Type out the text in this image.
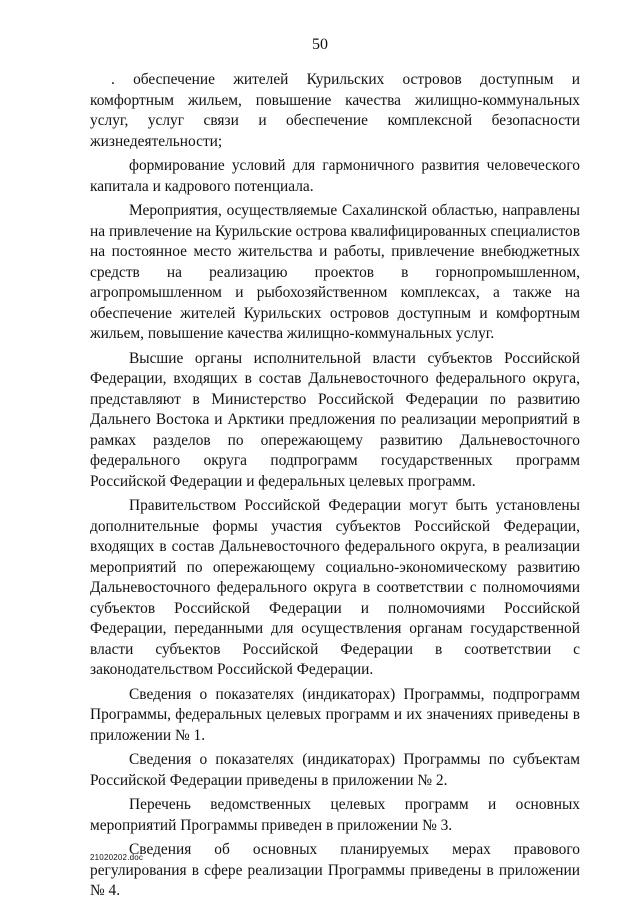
50

. обеспечение жителей Курильских островов доступным и комфортным жильем, повышение качества жилищно-коммунальных услуг, услуг связи и обеспечение комплексной безопасности жизнедеятельности;

формирование условий для гармоничного развития человеческого капитала и кадрового потенциала.

Мероприятия, осуществляемые Сахалинской областью, направлены на привлечение на Курильские острова квалифицированных специалистов на постоянное место жительства и работы, привлечение внебюджетных средств на реализацию проектов в горнопромышленном, агропромышленном и рыбохозяйственном комплексах, а также на обеспечение жителей Курильских островов доступным и комфортным жильем, повышение качества жилищно-коммунальных услуг.

Высшие органы исполнительной власти субъектов Российской Федерации, входящих в состав Дальневосточного федерального округа, представляют в Министерство Российской Федерации по развитию Дальнего Востока и Арктики предложения по реализации мероприятий в рамках разделов по опережающему развитию Дальневосточного федерального округа подпрограмм государственных программ Российской Федерации и федеральных целевых программ.

Правительством Российской Федерации могут быть установлены дополнительные формы участия субъектов Российской Федерации, входящих в состав Дальневосточного федерального округа, в реализации мероприятий по опережающему социально-экономическому развитию Дальневосточного федерального округа в соответствии с полномочиями субъектов Российской Федерации и полномочиями Российской Федерации, переданными для осуществления органам государственной власти субъектов Российской Федерации в соответствии с законодательством Российской Федерации.

Сведения о показателях (индикаторах) Программы, подпрограмм Программы, федеральных целевых программ и их значениях приведены в приложении № 1.

Сведения о показателях (индикаторах) Программы по субъектам Российской Федерации приведены в приложении № 2.

Перечень ведомственных целевых программ и основных мероприятий Программы приведен в приложении № 3.

Сведения об основных планируемых мерах правового регулирования в сфере реализации Программы приведены в приложении № 4.

21020202.doc
